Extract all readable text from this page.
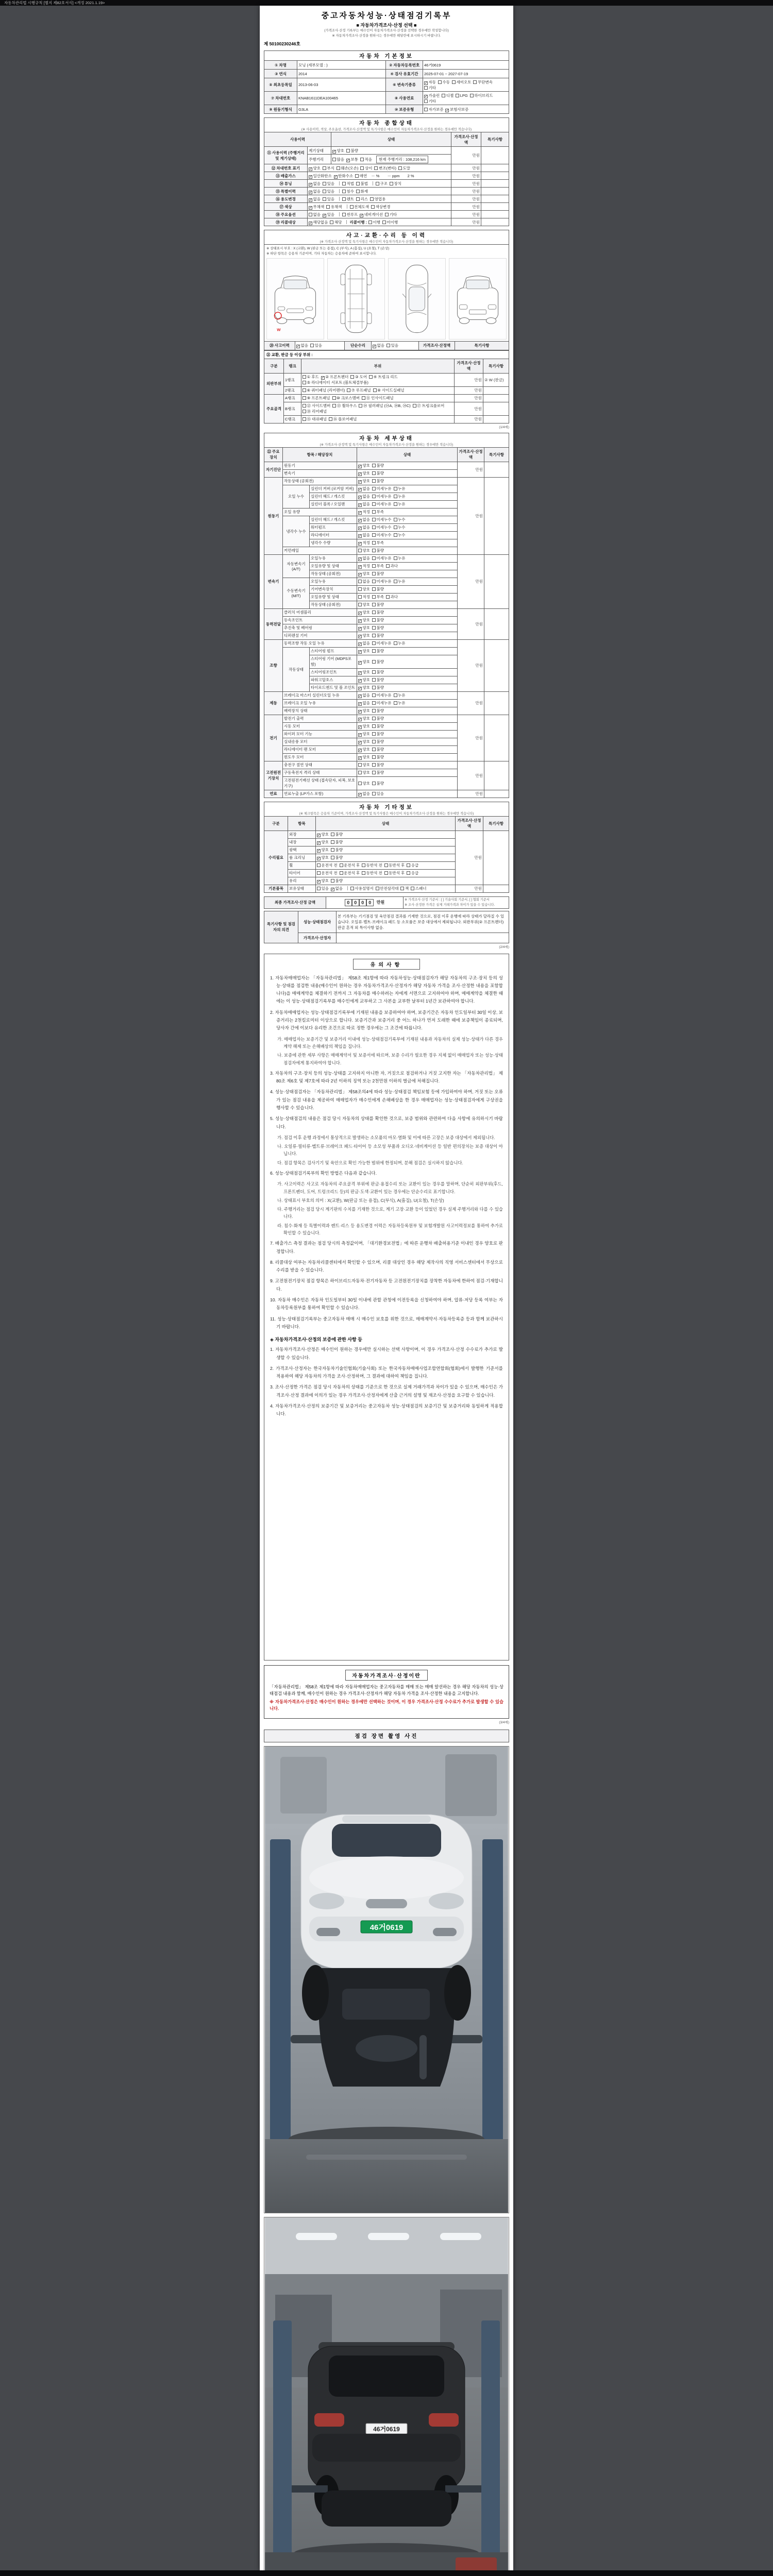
자동차관리법 시행규칙 [별지 제82호서식] <개정 2021.1.19>
중고자동차성능·상태점검기록부
■ 자동차가격조사·산정 선택 ■
(가격조사·산정 기록부는 매수인이 자동차가격조사·산정을 선택한 경우에만 작성합니다)
※ 자동차가격조사·산정을 원하시는 경우에만 해당란에 표시하시기 바랍니다.
제 50100230246호
자동차 기본정보
① 차명	모닝 (세부모델 : )	② 자동차등록번호	46거0619
③ 연식	2014	④ 검사 유효기간	2025-07-01 ~ 2027-07-19
⑤ 최초등록일	2013-06-03	⑥ 변속기종류	✓ 자동 수동 세미오토 무단변속기타
⑦ 차대번호	KNAB1611DEA100465	⑧ 사용연료	✓ 가솔린 디젤 LPG 하이브리드기타
⑨ 원동기형식	G3LA	⑩ 보증유형	자가보증 ✓ 보험사보증
자동차 종합상태
(※ 사용이력, 색상, 주요옵션, 가격조사·산정액 및 특기사항은 매수인이 자동차가격조사·산정을 원하는 경우에만 적습니다)
사용이력		상태	가격조사·산정액	특기사항
⑪ 사용이력 (주행거리 및 계기상태)	계기상태	✓ 양호 불량	만원	
	주행거리	많음 ✓ 보통 적음 현재 주행거리 : 108,216 km		
⑫ 차대번호 표기	✓ 양호 부식 훼손(오손) 상이 변조(변타) 도말		만원	
⑬ 배출가스	✓ 일산화탄소 ✓ 탄화수소 매연 － %　　－ ppm　　2 %		만원	
⑭ 튜닝	✓ 없음 있음 적법 불법 구조 장치		만원	
⑮ 특별이력	✓ 없음 있음 침수 화재		만원	
⑯ 용도변경	✓ 없음 있음 렌트 리스 영업용		만원	
⑰ 색상	✓ 무채색 유채색 전체도색 색상변경		만원	
⑱ 주요옵션	없음 ✓ 있음 썬루프 ✓ 네비게이션 기타		만원	
⑲ 리콜대상	✓ 해당없음 해당 리콜이행 : 이행 미이행		만원	
사고·교환·수리 등 이력
(※ 가격조사·산정액 및 특기사항은 매수인이 자동차가격조사·산정을 원하는 경우에만 적습니다)
※ 상태표시 부호 : X (교환), W (판금 또는 용접), C (부식), A (흠집), U (요철), T (손상)
※ 하단 항목은 승용차 기준이며, 기타 자동차는 승용차에 준하여 표시합니다.
W
⑳ 사고이력	✓ 없음 있음	단순수리	✓ 없음 있음	가격조사·산정액	특기사항
㉑ 교환, 판금 등 이상 부위 :
구분	랭크	부위	가격조사·산정액	특기사항
외판부위	1랭크	① 후드 ✓ ② 프론트펜더 ③ 도어 ④ 트렁크 리드⑤ 라디에이터 서포트 (볼트체결부품)	만원	② W (판금)
	2랭크	⑥ 쿼터패널 (리어펜더) ⑦ 루프패널 ⑧ 사이드실패널	만원	
주요골격	A랭크	⑨ 프론트패널 ⑩ 크로스멤버 ⑪ 인사이드패널	만원	
	B랭크	⑫ 사이드멤버 ⑬ 휠하우스 ⑭ 필러패널 (⑭A, ⑭B, ⑭C) ⑰ 트렁크플로어⑱ 리어패널	만원	
	C랭크	⑮ 대쉬패널 ⑯ 플로어패널	만원	
(1/4매)
자동차 세부상태
(※ 가격조사·산정액 및 특기사항은 매수인이 자동차가격조사·산정을 원하는 경우에만 적습니다)
㉒ 주요장치	항목 / 해당장치		상태	가격조사·산정액	특기사항
자기진단	원동기		✓ 양호 불량	만원	
	변속기		✓ 양호 불량		
원동기	작동상태 (공회전)		✓ 양호 불량	만원	
	오일 누수	실린더 커버 (로커암 커버)	✓ 없음 미세누유 누유		
		실린더 헤드 / 개스킷	✓ 없음 미세누유 누유		
		실린더 블록 / 오일팬	✓ 없음 미세누유 누유		
	오일 유량		✓ 적정 부족		
	냉각수 누수	실린더 헤드 / 개스킷	✓ 없음 미세누수 누수		
		워터펌프	✓ 없음 미세누수 누수		
		라디에이터	✓ 없음 미세누수 누수		
		냉각수 수량	✓ 적정 부족		
	커먼레일		양호 불량		
변속기	자동변속기 (A/T)	오일누유	✓ 없음 미세누유 누유	만원	
		오일유량 및 상태	✓ 적정 부족 과다		
		작동상태 (공회전)	✓ 양호 불량		
	수동변속기 (M/T)	오일누유	없음 미세누유 누유		
		기어변속장치	양호 불량		
		오일유량 및 상태	적정 부족 과다		
		작동상태 (공회전)	양호 불량		
동력전달	클러치 어셈블리		✓ 양호 불량	만원	
	등속조인트		✓ 양호 불량		
	추진축 및 베어링		✓ 양호 불량		
	디퍼렌셜 기어		✓ 양호 불량		
조향	동력조향 작동 오일 누유		✓ 없음 미세누유 누유	만원	
	작동상태	스티어링 펌프	✓ 양호 불량		
		스티어링 기어 (MDPS포함)	✓ 양호 불량		
		스티어링조인트	✓ 양호 불량		
		파워고압호스	✓ 양호 불량		
		타이로드엔드 및 볼 조인트	✓ 양호 불량		
제동	브레이크 마스터 실린더오일 누유		✓ 없음 미세누유 누유	만원	
	브레이크 오일 누유		✓ 없음 미세누유 누유		
	배력장치 상태		✓ 양호 불량		
전기	발전기 출력		✓ 양호 불량	만원	
	시동 모터		✓ 양호 불량		
	와이퍼 모터 기능		✓ 양호 불량		
	실내송풍 모터		✓ 양호 불량		
	라디에이터 팬 모터		✓ 양호 불량		
	윈도우 모터		✓ 양호 불량		
고전원전기장치	충전구 절연 상태		양호 불량	만원	
	구동축전지 격리 상태		양호 불량		
	고전원전기배선 상태 (접속단자, 피복, 보호기구)		양호 불량		
연료	연료누출 (LP가스 포함)		✓ 없음 있음	만원	
자동차 기타정보
(※ 체크항목은 승용차 기준이며, 가격조사·산정액 및 특기사항은 매수인이 자동차가격조사·산정을 원하는 경우에만 적습니다)
구분	항목	상태	가격조사·산정액	특기사항
수리필요	외장	✓ 양호 불량	만원	
	내장	✓ 양호 불량		
	광택	✓ 양호 불량		
	룸 크리닝	✓ 양호 불량		
	휠	운전석 전 운전석 후 동반석 전 동반석 후 응급		
	타이어	운전석 전 운전석 후 동반석 전 동반석 후 응급		
	유리	✓ 양호 불량		
기본품목	보유상태	있음 ✓ 없음 사용설명서 안전삼각대 잭 스패너	만원	
최종 가격조사·산정 금액	0 0 0 0	만원

※ 가격조사·산정 기준서 : [ ] 기술사회 기준서, [ ] 협회 기준서
※ 조사·산정한 가격은 실제 거래가격과 차이가 있을 수 있습니다.
특기사항 및 점검자의 의견	성능·상태점검자	본 기록부는 기기점검 및 육안점검 결과를 기재한 것으로, 점검 이후 운행에 따라 상태가 달라질 수 있습니다. 오일류·벨트·브레이크 패드 등 소모품은 보증 대상에서 제외됩니다. 외판부위(② 프론트펜더) 판금 흔적 외 특이사항 없음.
	가격조사·산정자	
(2/4매)
유의사항
1. 자동차매매업자는 「자동차관리법」 제58조 제1항에 따라 자동차성능·상태점검자가 해당 자동차의 구조·장치 등의 성능·상태를 점검한 내용(매수인이 원하는 경우 자동차가격조사·산정자가 해당 자동차 가격을 조사·산정한 내용을 포함합니다)을 매매계약을 체결하기 전까지 그 자동차를 매수하려는 자에게 서면으로 고지하여야 하며, 매매계약을 체결한 때에는 이 성능·상태점검기록부를 매수인에게 교부하고 그 사본을 교부한 날부터 1년간 보관하여야 합니다.
2. 자동차매매업자는 성능·상태점검기록부에 기재된 내용을 보증하여야 하며, 보증기간은 자동차 인도일부터 30일 이상, 보증거리는 2천킬로미터 이상으로 합니다. 보증기간과 보증거리 중 어느 하나가 먼저 도래한 때에 보증책임이 종료되며, 당사자 간에 이보다 유리한 조건으로 따로 정한 경우에는 그 조건에 따릅니다.
가. 매매업자는 보증기간 및 보증거리 이내에 성능·상태점검기록부에 기재된 내용과 자동차의 실제 성능·상태가 다른 경우 계약 해제 또는 손해배상의 책임을 집니다.
나. 보증에 관한 세부 사항은 매매계약서 및 보증서에 따르며, 보증 수리가 필요한 경우 지체 없이 매매업자 또는 성능·상태점검자에게 통지하여야 합니다.
3. 자동차의 구조·장치 등의 성능·상태를 고지하지 아니한 자, 거짓으로 점검하거나 거짓 고지한 자는 「자동차관리법」 제80조 제6호 및 제7호에 따라 2년 이하의 징역 또는 2천만원 이하의 벌금에 처해집니다.
4. 성능·상태점검자는 「자동차관리법」 제58조의4에 따라 성능·상태점검 책임보험 등에 가입하여야 하며, 거짓 또는 오류가 있는 점검 내용을 제공하여 매매업자가 매수인에게 손해배상을 한 경우 매매업자는 성능·상태점검자에게 구상권을 행사할 수 있습니다.
5. 성능·상태점검의 내용은 점검 당시 자동차의 상태를 확인한 것으로, 보증 범위와 관련하여 다음 사항에 유의하시기 바랍니다.
가. 점검 이후 운행 과정에서 통상적으로 발생하는 소모품의 마모·열화 및 이에 따른 고장은 보증 대상에서 제외됩니다.
나. 오일류·필터류·벨트류·브레이크 패드·타이어 등 소모성 부품과 오디오·네비게이션 등 일반 편의장치는 보증 대상이 아닙니다.
다. 점검 항목은 검사기기 및 육안으로 확인 가능한 범위에 한정되며, 분해 점검은 실시하지 않습니다.
6. 성능·상태점검기록부의 확인 방법은 다음과 같습니다.
가. 사고이력은 사고로 자동차의 주요골격 부위에 판금·용접수리 또는 교환이 있는 경우를 말하며, 단순히 외판부위(후드, 프론트펜더, 도어, 트렁크리드 등)의 판금·도색·교환이 있는 경우에는 단순수리로 표기합니다.
나. 상태표시 부호의 의미 : X(교환), W(판금 또는 용접), C(부식), A(흠집), U(요철), T(손상)
다. 주행거리는 점검 당시 계기판의 수치를 기재한 것으로, 계기 고장·교환 등이 있었던 경우 실제 주행거리와 다를 수 있습니다.
라. 침수·화재 등 특별이력과 렌트·리스 등 용도변경 이력은 자동차등록원부 및 보험개발원 사고이력정보를 통하여 추가로 확인할 수 있습니다.
7. 배출가스 측정 결과는 점검 당시의 측정값이며, 「대기환경보전법」에 따른 운행차 배출허용기준 이내인 경우 양호로 판정합니다.
8. 리콜대상 여부는 자동차리콜센터에서 확인할 수 있으며, 리콜 대상인 경우 해당 제작사의 직영 서비스센터에서 무상으로 수리를 받을 수 있습니다.
9. 고전원전기장치 점검 항목은 하이브리드자동차·전기자동차 등 고전원전기장치를 장착한 자동차에 한하여 점검·기재합니다.
10. 자동차 매수인은 자동차 인도일부터 30일 이내에 관할 관청에 이전등록을 신청하여야 하며, 압류·저당 등록 여부는 자동차등록원부를 통하여 확인할 수 있습니다.
11. 성능·상태점검기록부는 중고자동차 매매 시 매수인 보호를 위한 것으로, 매매계약서·자동차등록증 등과 함께 보관하시기 바랍니다.
◈ 자동차가격조사·산정의 보증에 관한 사항 등
1. 자동차가격조사·산정은 매수인이 원하는 경우에만 실시하는 선택 사항이며, 이 경우 가격조사·산정 수수료가 추가로 발생할 수 있습니다.
2. 가격조사·산정자는 한국자동차기술인협회(기술사회) 또는 한국자동차매매사업조합연합회(협회)에서 발행한 기준서를 적용하여 해당 자동차의 가격을 조사·산정하며, 그 결과에 대하여 책임을 집니다.
3. 조사·산정한 가격은 점검 당시 자동차의 상태를 기준으로 한 것으로 실제 거래가격과 차이가 있을 수 있으며, 매수인은 가격조사·산정 결과에 이의가 있는 경우 가격조사·산정자에게 산출 근거의 설명 및 재조사·산정을 요구할 수 있습니다.
4. 자동차가격조사·산정의 보증기간 및 보증거리는 중고자동차 성능·상태점검의 보증기간 및 보증거리와 동일하게 적용합니다.
자동차가격조사·산정이란
「자동차관리법」 제58조 제1항에 따라 자동차매매업자는 중고자동차를 매매 또는 매매 알선하는 경우 해당 자동차의 성능·상태점검 내용과 함께, 매수인이 원하는 경우 가격조사·산정자가 해당 자동차 가격을 조사·산정한 내용을 고지합니다.
※ 자동차가격조사·산정은 매수인이 원하는 경우에만 선택하는 것이며, 이 경우 가격조사·산정 수수료가 추가로 발생할 수 있습니다.
(3/4매)
점검 장면 촬영 사진
46거0619
46거0619
